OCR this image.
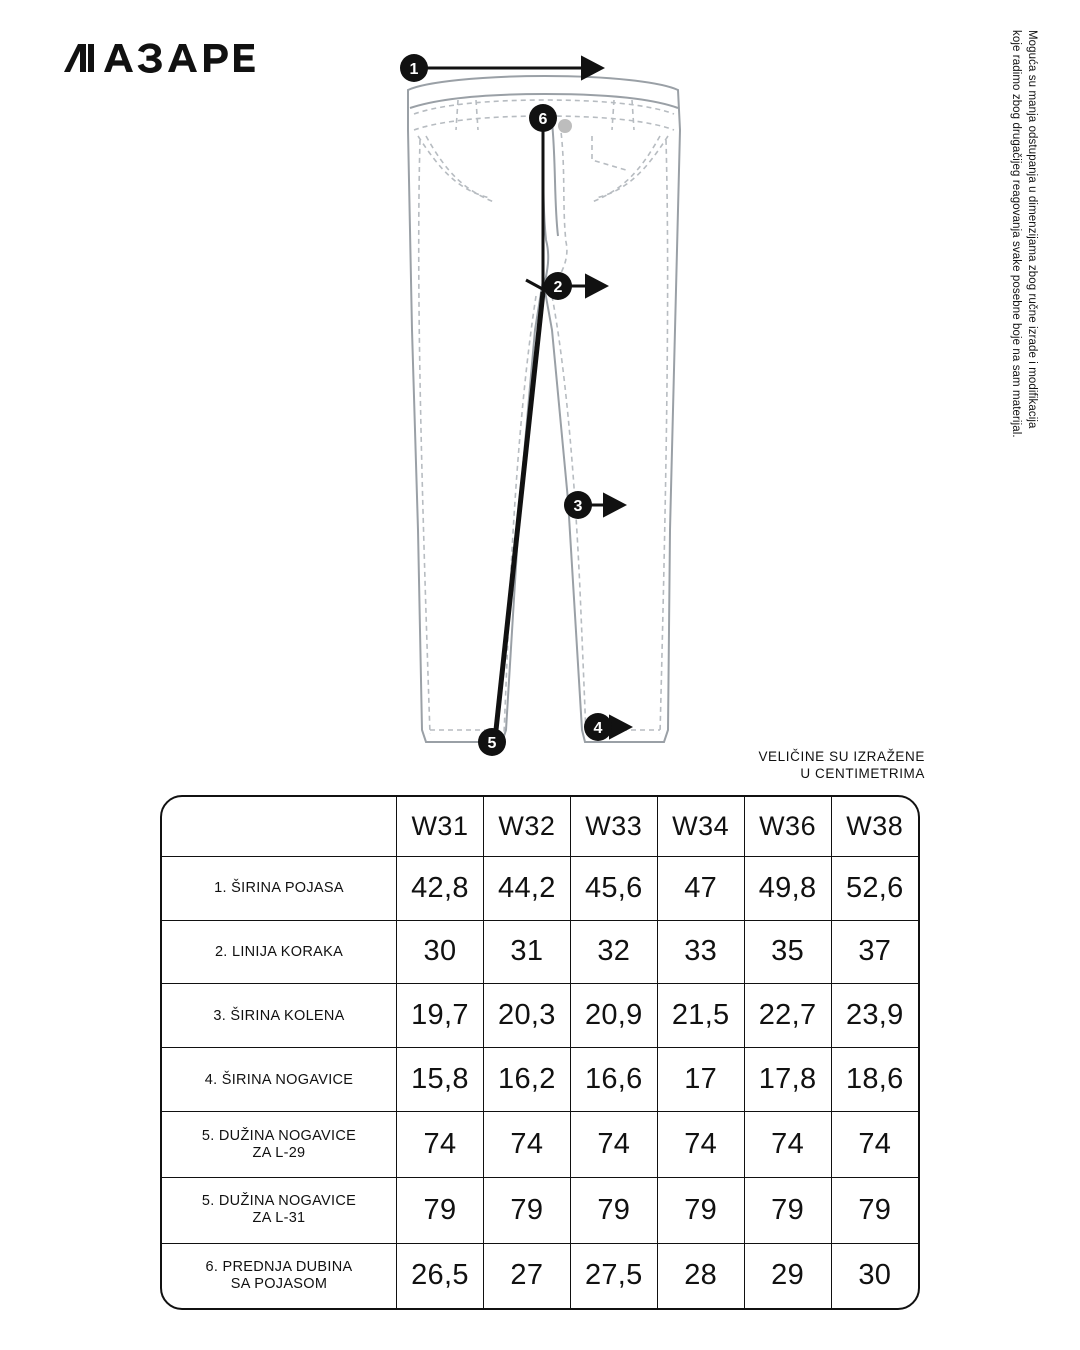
Moguća su manja odstupanja u dimenzijama zbog ručne izrade i modifikacija
koje radimo zbog drugačijeg reagovanja svake posebne boje na sam materijal.
1
6
2
3
4
5
VELIČINE SU IZRAŽENE
U CENTIMETRIMA
	W31	W32	W33	W34	W36	W38
1. ŠIRINA POJASA	42,8	44,2	45,6	47	49,8	52,6
2. LINIJA KORAKA	30	31	32	33	35	37
3. ŠIRINA KOLENA	19,7	20,3	20,9	21,5	22,7	23,9
4. ŠIRINA NOGAVICE	15,8	16,2	16,6	17	17,8	18,6
5. DUŽINA NOGAVICE
ZA L-29	74	74	74	74	74	74
5. DUŽINA NOGAVICE
ZA L-31	79	79	79	79	79	79
6. PREDNJA DUBINA
SA POJASOM	26,5	27	27,5	28	29	30
